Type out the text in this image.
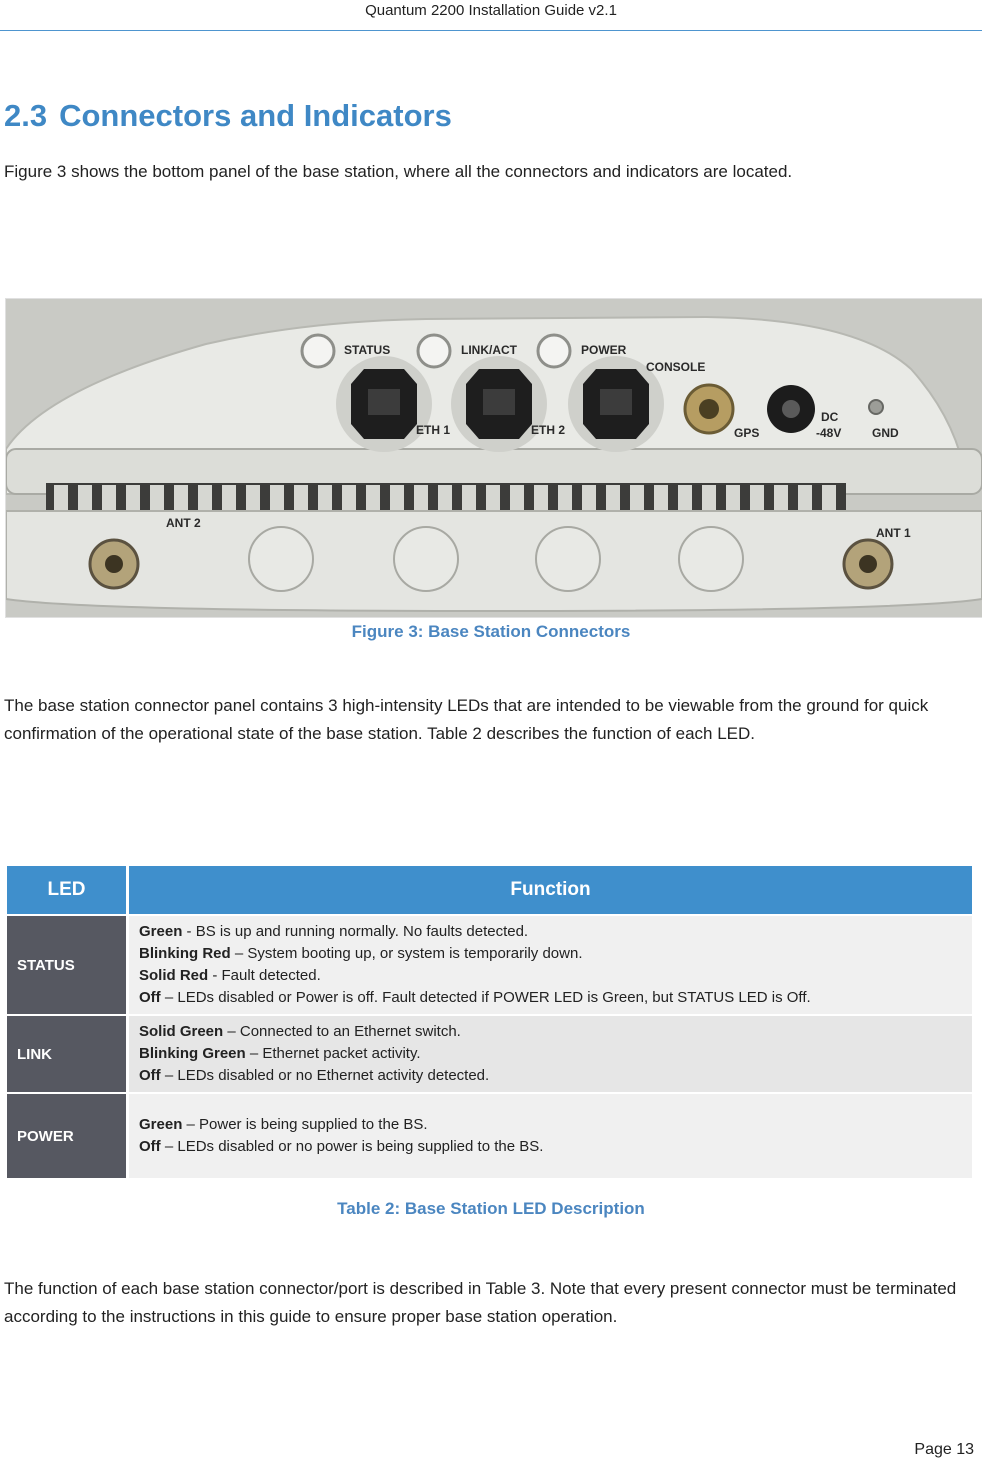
Quantum 2200 Installation Guide v2.1
2.3 Connectors and Indicators

Figure 3 shows the bottom panel of the base station, where all the connectors and indicators are located.

STATUS	LINK/ACT	POWER
CONSOLE
ETH 1	ETH 2	GPS
DC
-48V	GND
ANT 2
ANT 1
Figure 3: Base Station Connectors

The base station connector panel contains 3 high-intensity LEDs that are intended to be viewable from the ground for quick confirmation of the operational state of the base station. Table 2 describes the function of each LED.

LED	Function
STATUS	Green - BS is up and running normally. No faults detected.
Blinking Red – System booting up, or system is temporarily down.
Solid Red - Fault detected.
Off – LEDs disabled or Power is off. Fault detected if POWER LED is Green, but STATUS LED is Off.

LINK	Solid Green – Connected to an Ethernet switch.
Blinking Green – Ethernet packet activity.
Off – LEDs disabled or no Ethernet activity detected.

POWER	Green – Power is being supplied to the BS.
Off – LEDs disabled or no power is being supplied to the BS.
Table 2: Base Station LED Description

The function of each base station connector/port is described in Table 3. Note that every present connector must be terminated according to the instructions in this guide to ensure proper base station operation.

Page 13
